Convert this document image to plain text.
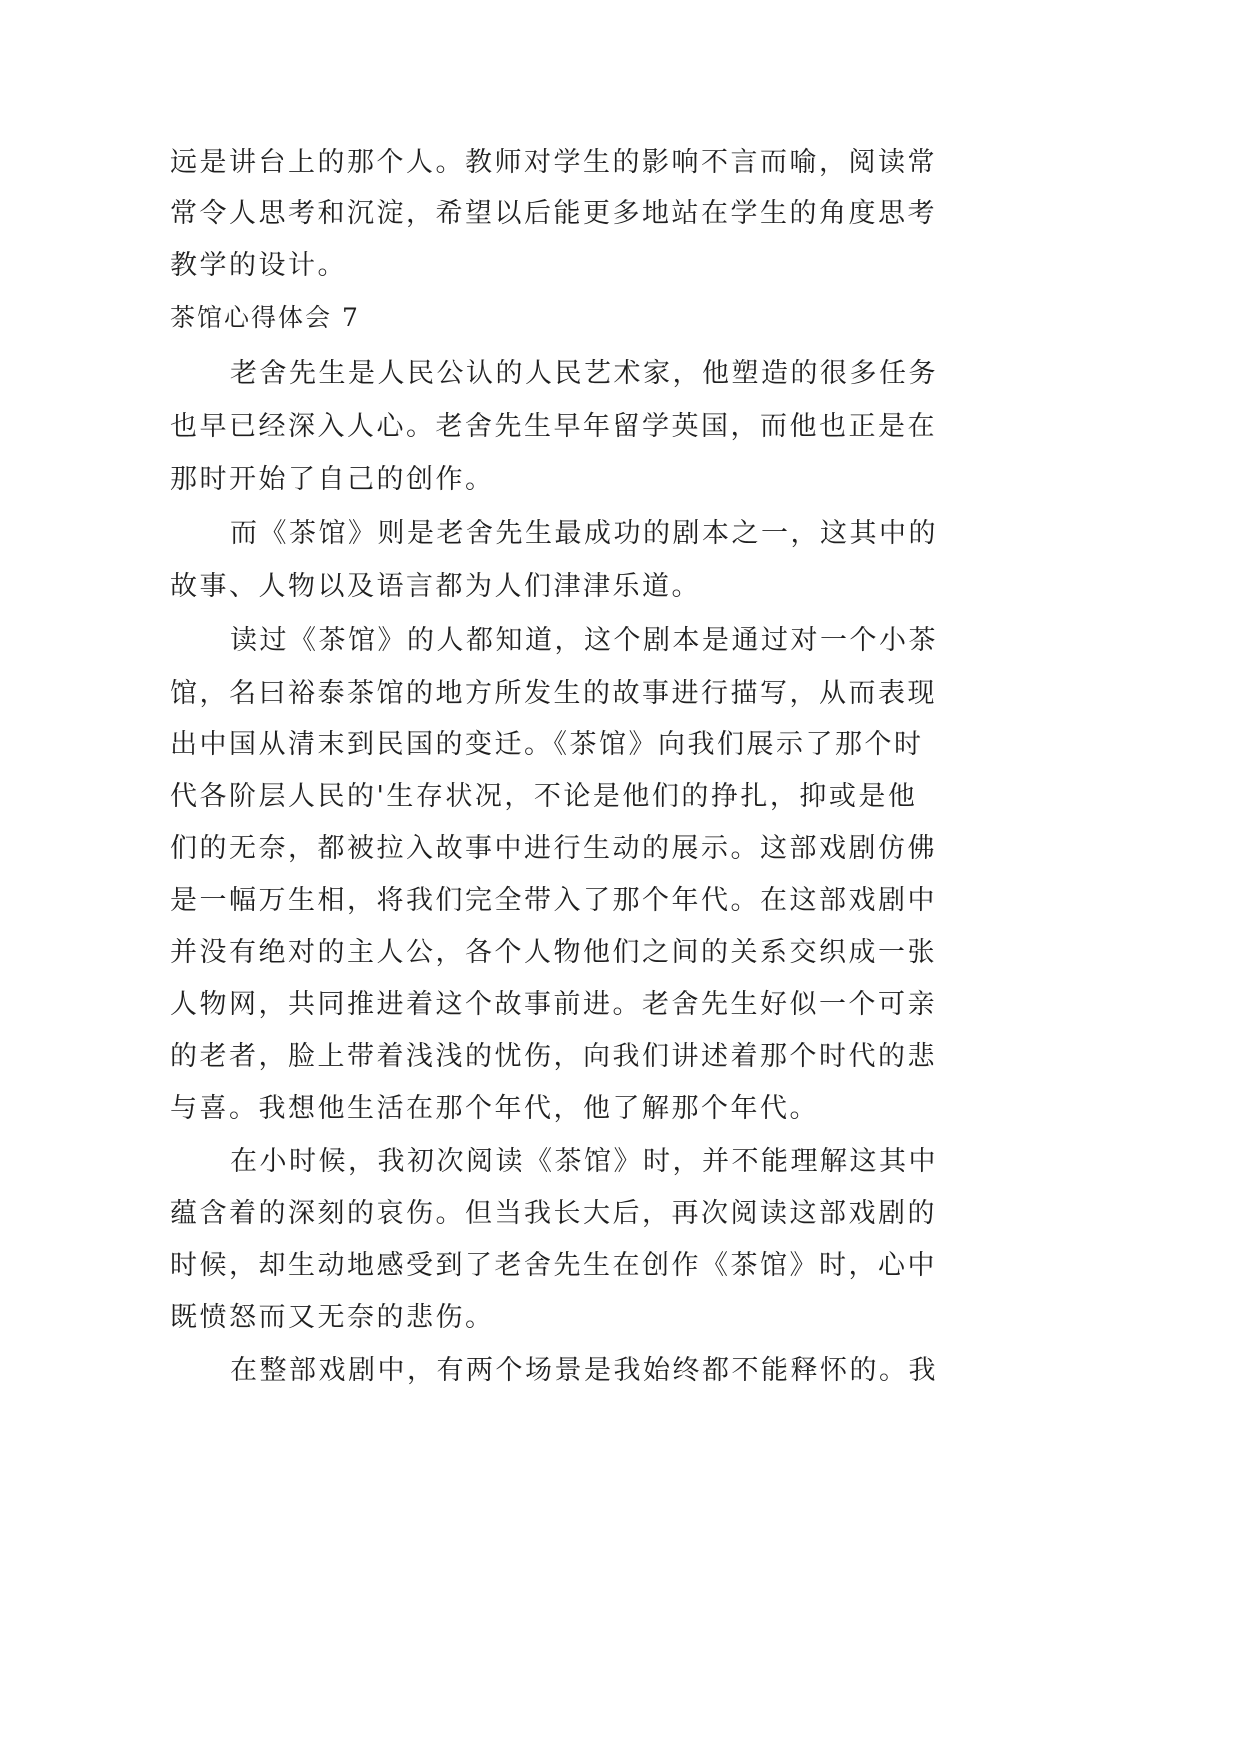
远是讲台上的那个人。教师对学生的影响不言而喻，阅读常
常令人思考和沉淀，希望以后能更多地站在学生的角度思考
教学的设计。
茶馆心得体会 7
老舍先生是人民公认的人民艺术家，他塑造的很多任务
也早已经深入人心。老舍先生早年留学英国，而他也正是在
那时开始了自己的创作。
而《茶馆》则是老舍先生最成功的剧本之一，这其中的
故事、人物以及语言都为人们津津乐道。
读过《茶馆》的人都知道，这个剧本是通过对一个小茶
馆，名曰裕泰茶馆的地方所发生的故事进行描写，从而表现
出中国从清末到民国的变迁。《茶馆》向我们展示了那个时
代各阶层人民的'生存状况，不论是他们的挣扎，抑或是他
们的无奈，都被拉入故事中进行生动的展示。这部戏剧仿佛
是一幅万生相，将我们完全带入了那个年代。在这部戏剧中
并没有绝对的主人公，各个人物他们之间的关系交织成一张
人物网，共同推进着这个故事前进。老舍先生好似一个可亲
的老者，脸上带着浅浅的忧伤，向我们讲述着那个时代的悲
与喜。我想他生活在那个年代，他了解那个年代。
在小时候，我初次阅读《茶馆》时，并不能理解这其中
蕴含着的深刻的哀伤。但当我长大后，再次阅读这部戏剧的
时候，却生动地感受到了老舍先生在创作《茶馆》时，心中
既愤怒而又无奈的悲伤。
在整部戏剧中，有两个场景是我始终都不能释怀的。我
